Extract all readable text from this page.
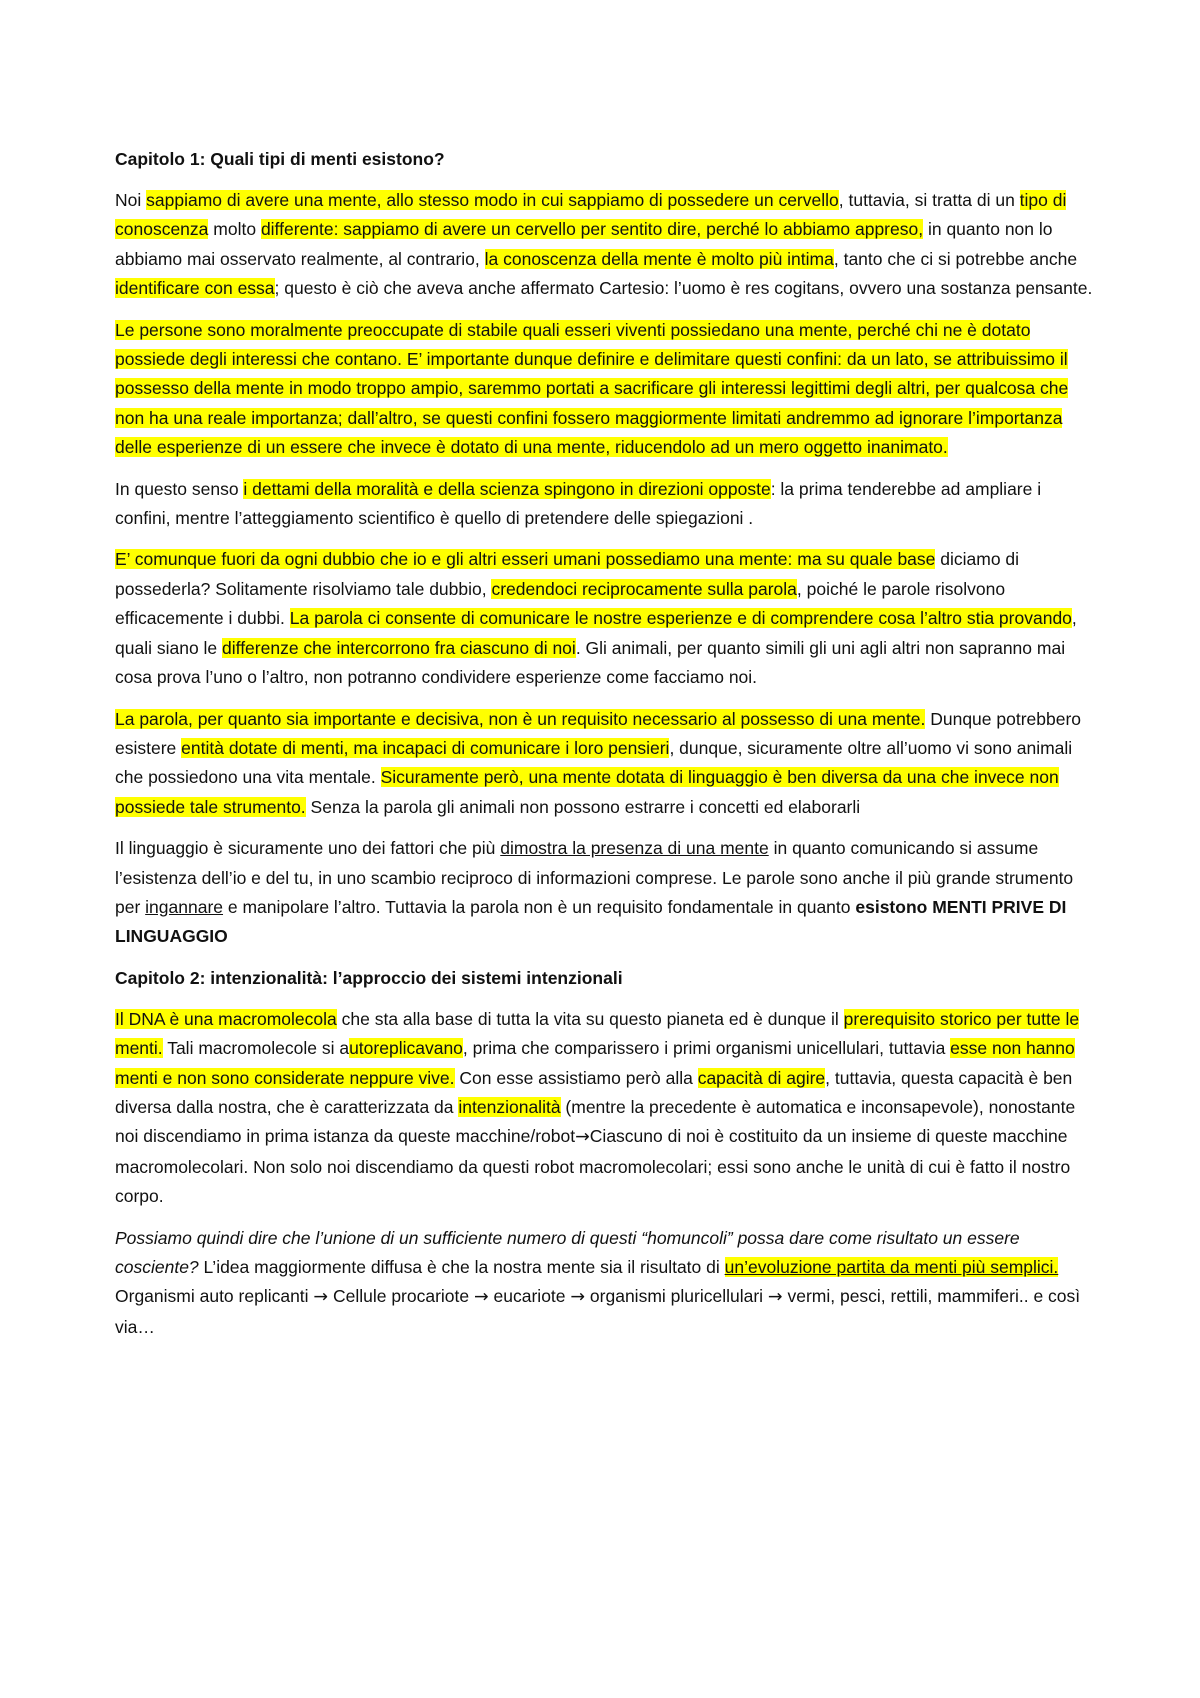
Capitolo 1: Quali tipi di menti esistono?

Noi sappiamo di avere una mente, allo stesso modo in cui sappiamo di possedere un cervello, tuttavia, si tratta di un tipo di conoscenza molto differente: sappiamo di avere un cervello per sentito dire, perché lo abbiamo appreso, in quanto non lo abbiamo mai osservato realmente, al contrario, la conoscenza della mente è molto più intima, tanto che ci si potrebbe anche identificare con essa; questo è ciò che aveva anche affermato Cartesio: l’uomo è res cogitans, ovvero una sostanza pensante.

Le persone sono moralmente preoccupate di stabile quali esseri viventi possiedano una mente, perché chi ne è dotato possiede degli interessi che contano. E’ importante dunque definire e delimitare questi confini: da un lato, se attribuissimo il possesso della mente in modo troppo ampio, saremmo portati a sacrificare gli interessi legittimi degli altri, per qualcosa che non ha una reale importanza; dall’altro, se questi confini fossero maggiormente limitati andremmo ad ignorare l’importanza delle esperienze di un essere che invece è dotato di una mente, riducendolo ad un mero oggetto inanimato.

In questo senso i dettami della moralità e della scienza spingono in direzioni opposte: la prima tenderebbe ad ampliare i confini, mentre l’atteggiamento scientifico è quello di pretendere delle spiegazioni .

E’ comunque fuori da ogni dubbio che io e gli altri esseri umani possediamo una mente: ma su quale base diciamo di possederla? Solitamente risolviamo tale dubbio, credendoci reciprocamente sulla parola, poiché le parole risolvono efficacemente i dubbi. La parola ci consente di comunicare le nostre esperienze e di comprendere cosa l’altro stia provando, quali siano le differenze che intercorrono fra ciascuno di noi. Gli animali, per quanto simili gli uni agli altri non sapranno mai cosa prova l’uno o l’altro, non potranno condividere esperienze come facciamo noi.

La parola, per quanto sia importante e decisiva, non è un requisito necessario al possesso di una mente. Dunque potrebbero esistere entità dotate di menti, ma incapaci di comunicare i loro pensieri, dunque, sicuramente oltre all’uomo vi sono animali che possiedono una vita mentale. Sicuramente però, una mente dotata di linguaggio è ben diversa da una che invece non possiede tale strumento. Senza la parola gli animali non possono estrarre i concetti ed elaborarli

Il linguaggio è sicuramente uno dei fattori che più dimostra la presenza di una mente in quanto comunicando si assume l’esistenza dell’io e del tu, in uno scambio reciproco di informazioni comprese. Le parole sono anche il più grande strumento per ingannare e manipolare l’altro. Tuttavia la parola non è un requisito fondamentale in quanto esistono MENTI PRIVE DI LINGUAGGIO

Capitolo 2: intenzionalità: l’approccio dei sistemi intenzionali

Il DNA è una macromolecola che sta alla base di tutta la vita su questo pianeta ed è dunque il prerequisito storico per tutte le menti. Tali macromolecole si autoreplicavano, prima che comparissero i primi organismi unicellulari, tuttavia esse non hanno menti e non sono considerate neppure vive. Con esse assistiamo però alla capacità di agire, tuttavia, questa capacità è ben diversa dalla nostra, che è caratterizzata da intenzionalità (mentre la precedente è automatica e inconsapevole), nonostante noi discendiamo in prima istanza da queste macchine/robot→Ciascuno di noi è costituito da un insieme di queste macchine macromolecolari. Non solo noi discendiamo da questi robot macromolecolari; essi sono anche le unità di cui è fatto il nostro corpo.

Possiamo quindi dire che l’unione di un sufficiente numero di questi “homuncoli” possa dare come risultato un essere cosciente? L’idea maggiormente diffusa è che la nostra mente sia il risultato di un’evoluzione partita da menti più semplici. Organismi auto replicanti → Cellule procariote → eucariote → organismi pluricellulari → vermi, pesci, rettili, mammiferi.. e così via…
